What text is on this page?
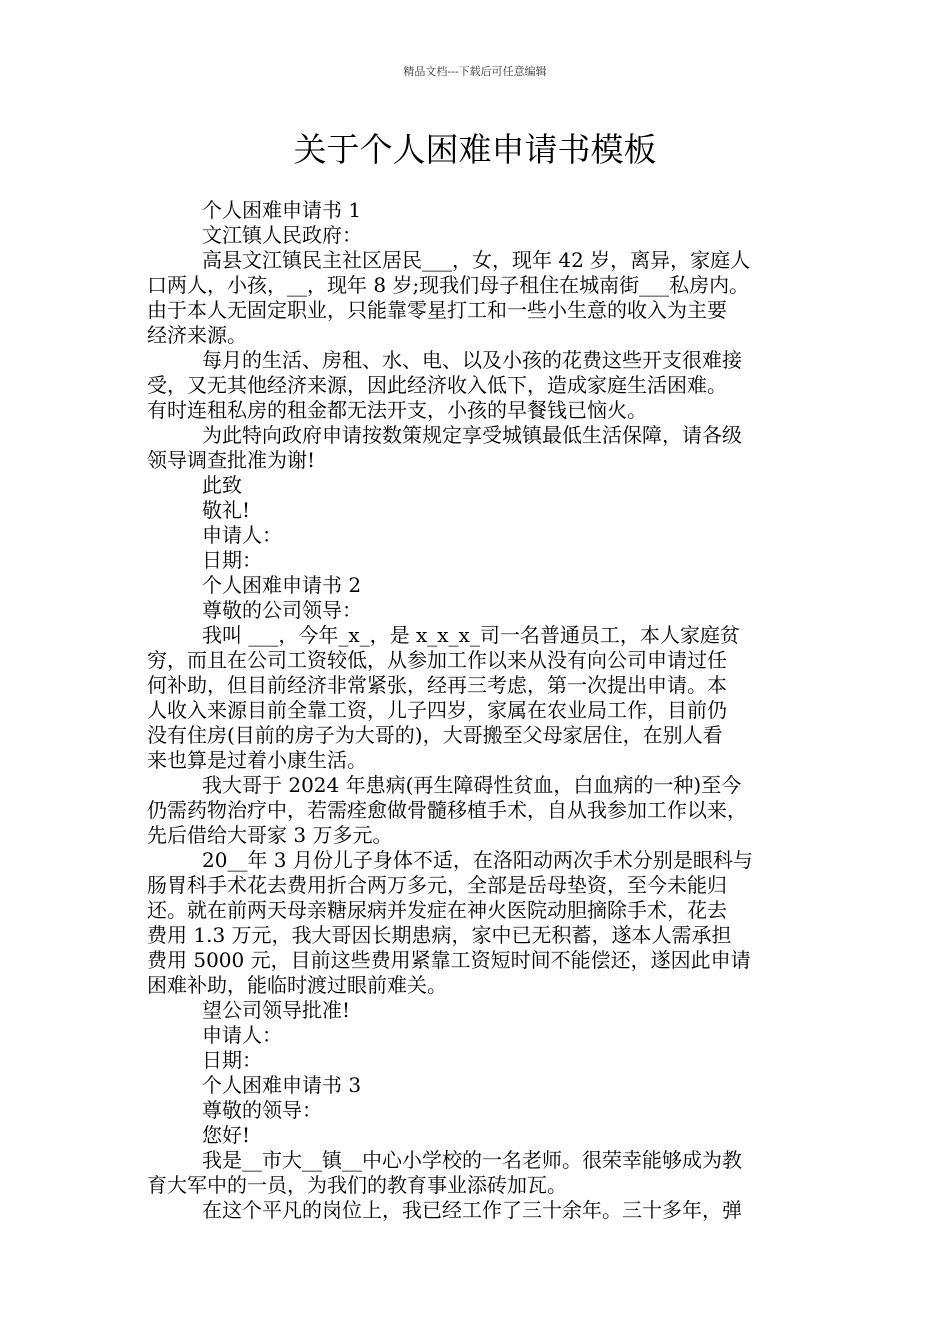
精品文档---下载后可任意编辑
关于个人困难申请书模板
个人困难申请书 1
文江镇人民政府：
高县文江镇民主社区居民___，女，现年 42 岁，离异，家庭人
口两人，小孩，__，现年 8 岁;现我们母子租住在城南街___私房内。
由于本人无固定职业，只能靠零星打工和一些小生意的收入为主要
经济来源。
每月的生活、房租、水、电、以及小孩的花费这些开支很难接
受，又无其他经济来源，因此经济收入低下，造成家庭生活困难。
有时连租私房的租金都无法开支，小孩的早餐钱已恼火。
为此特向政府申请按数策规定享受城镇最低生活保障，请各级
领导调查批准为谢!
此致
敬礼!
申请人：
日期：
个人困难申请书 2
尊敬的公司领导：
我叫 ___，今年_x_，是 x_x_x_司一名普通员工，本人家庭贫
穷，而且在公司工资较低，从参加工作以来从没有向公司申请过任
何补助，但目前经济非常紧张，经再三考虑，第一次提出申请。本
人收入来源目前全靠工资，儿子四岁，家属在农业局工作，目前仍
没有住房(目前的房子为大哥的)，大哥搬至父母家居住，在别人看
来也算是过着小康生活。
我大哥于 2024 年患病(再生障碍性贫血，白血病的一种)至今
仍需药物治疗中，若需痊愈做骨髓移植手术，自从我参加工作以来，
先后借给大哥家 3 万多元。
20__年 3 月份儿子身体不适，在洛阳动两次手术分别是眼科与
肠胃科手术花去费用折合两万多元，全部是岳母垫资，至今未能归
还。就在前两天母亲糖尿病并发症在神火医院动胆摘除手术，花去
费用 1.3 万元，我大哥因长期患病，家中已无积蓄，遂本人需承担
费用 5000 元，目前这些费用紧靠工资短时间不能偿还，遂因此申请
困难补助，能临时渡过眼前难关。
望公司领导批准!
申请人：
日期：
个人困难申请书 3
尊敬的领导：
您好!
我是__市大__镇__中心小学校的一名老师。很荣幸能够成为教
育大军中的一员，为我们的教育事业添砖加瓦。
在这个平凡的岗位上，我已经工作了三十余年。三十多年，弹
